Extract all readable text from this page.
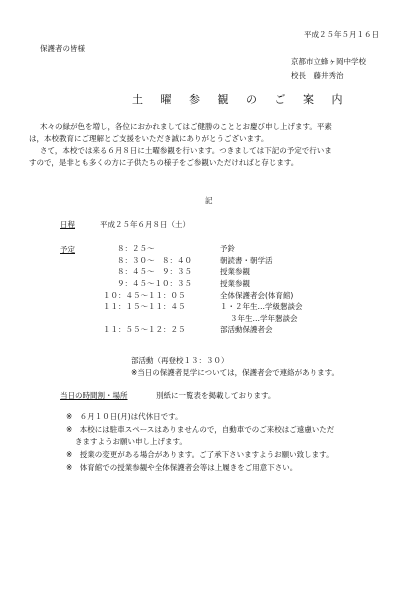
平成２５年５月１６日
保護者の皆様
京都市立蜂ヶ岡中学校
校長　藤井秀治
土 曜 参 観 の ご 案 内
木々の緑が色を増し，各位におかれましてはご健勝のこととお慶び申し上げます。平素
は，本校教育にご理解とご支援をいただき誠にありがとうございます。
さて，本校では来る６月８日に土曜参観を行います。つきましては下記の予定で行いま
すので，是非とも多くの方に子供たちの様子をご参観いただければと存じます。
記
日程	平成２５年６月８日（土）
予定	８：２５〜	予鈴
８：３０〜　８：４０	朝読書・朝学活
８：４５〜　９：３５	授業参観
９：４５〜１０：３５	授業参観
１０：４５〜１１：０５	全体保護者会(体育館)
１１：１５〜１１：４５	１・２年生…学級懇談会
	３年生…学年懇談会
１１：５５〜１２：２５	部活動保護者会
部活動（再登校１３：３０）
※当日の保護者見学については，保護者会で連絡があります。
当日の時間割・場所	別紙に一覧表を掲載しております。
※　６月１０日(月)は代休日です。
※　本校には駐車スペースはありませんので，自動車でのご来校はご遠慮いただ
きますようお願い申し上げます。
※　授業の変更がある場合があります。ご了承下さいますようお願い致します。
※　体育館での授業参観や全体保護者会等は上履きをご用意下さい。
